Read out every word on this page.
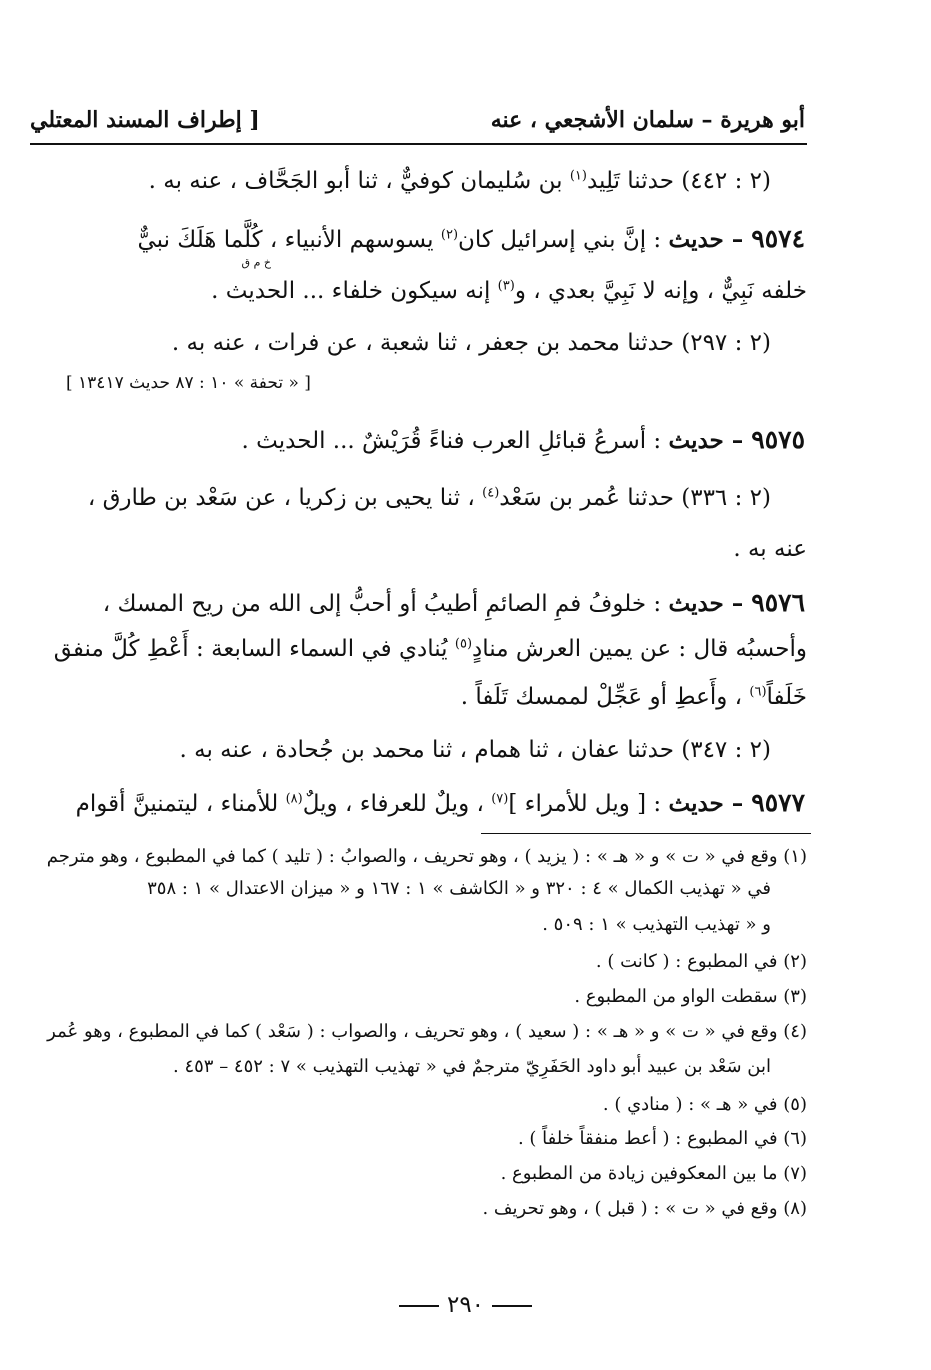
أبو هريرة – سلمان الأشجعي ، عنه
[ إطراف المسند المعتلي
(٢ : ٤٤٢) حدثنا تَلِيد$^{(١)}$ بن سُليمان كوفيٌّ ، ثنا أبو الجَحَّاف ، عنه به .
٩٥٧٤ – حديث : إنَّ بني إسرائيل كان$^{(٢)}$ يسوسهم الأنبياء ، كُلَّما هَلَكَ نبيٌّ
خ م ق
خلفه نَبِيٌّ ، وإنه لا نَبِيَّ بعدي ، و$^{(٣)}$ إنه سيكون خلفاء ... الحديث .
(٢ : ٢٩٧) حدثنا محمد بن جعفر ، ثنا شعبة ، عن فرات ، عنه به .
[ « تحفة » ١٠ : ٨٧ حديث ١٣٤١٧ ]
٩٥٧٥ – حديث : أسرعُ قبائلِ العرب فناءً قُرَيْشٌ ... الحديث .
(٢ : ٣٣٦) حدثنا عُمر بن سَعْد$^{(٤)}$ ، ثنا يحيى بن زكريا ، عن سَعْد بن طارق ،
عنه به .
٩٥٧٦ – حديث : خلوفُ فمِ الصائمِ أطيبُ أو أحبُّ إلى الله من ريح المسك ،
وأحسبُه قال : عن يمين العرش منادٍ$^{(٥)}$ يُنادي في السماء السابعة : أَعْطِ كُلَّ منفق
خَلَفاً$^{(٦)}$ ، وأَعطِ أو عَجِّلْ لممسك تَلَفاً .
(٢ : ٣٤٧) حدثنا عفان ، ثنا همام ، ثنا محمد بن جُحادة ، عنه به .
٩٥٧٧ – حديث : [ ويل للأمراء ]$^{(٧)}$ ، ويلٌ للعرفاء ، ويلٌ$^{(٨)}$ للأمناء ، ليتمنينَّ أقوام
(١) وقع في « ت » و « هـ » : ( يزيد ) ، وهو تحريف ، والصوابُ : ( تليد ) كما في المطبوع ، وهو مترجم
في « تهذيب الكمال » ٤ : ٣٢٠ و « الكاشف » ١ : ١٦٧ و « ميزان الاعتدال » ١ : ٣٥٨
و « تهذيب التهذيب » ١ : ٥٠٩ .
(٢) في المطبوع : ( كانت ) .
(٣) سقطت الواو من المطبوع .
(٤) وقع في « ت » و « هـ » : ( سعيد ) ، وهو تحريف ، والصواب : ( سَعْد ) كما في المطبوع ، وهو عُمر
ابن سَعْد بن عبيد أبو داود الحَفَرِيّ مترجمٌ في « تهذيب التهذيب » ٧ : ٤٥٢ – ٤٥٣ .
(٥) في « هـ » : ( منادي ) .
(٦) في المطبوع : ( أعط منفقاً خلفاً ) .
(٧) ما بين المعكوفين زيادة من المطبوع .
(٨) وقع في « ت » : ( قبل ) ، وهو تحريف .
٢٩٠
